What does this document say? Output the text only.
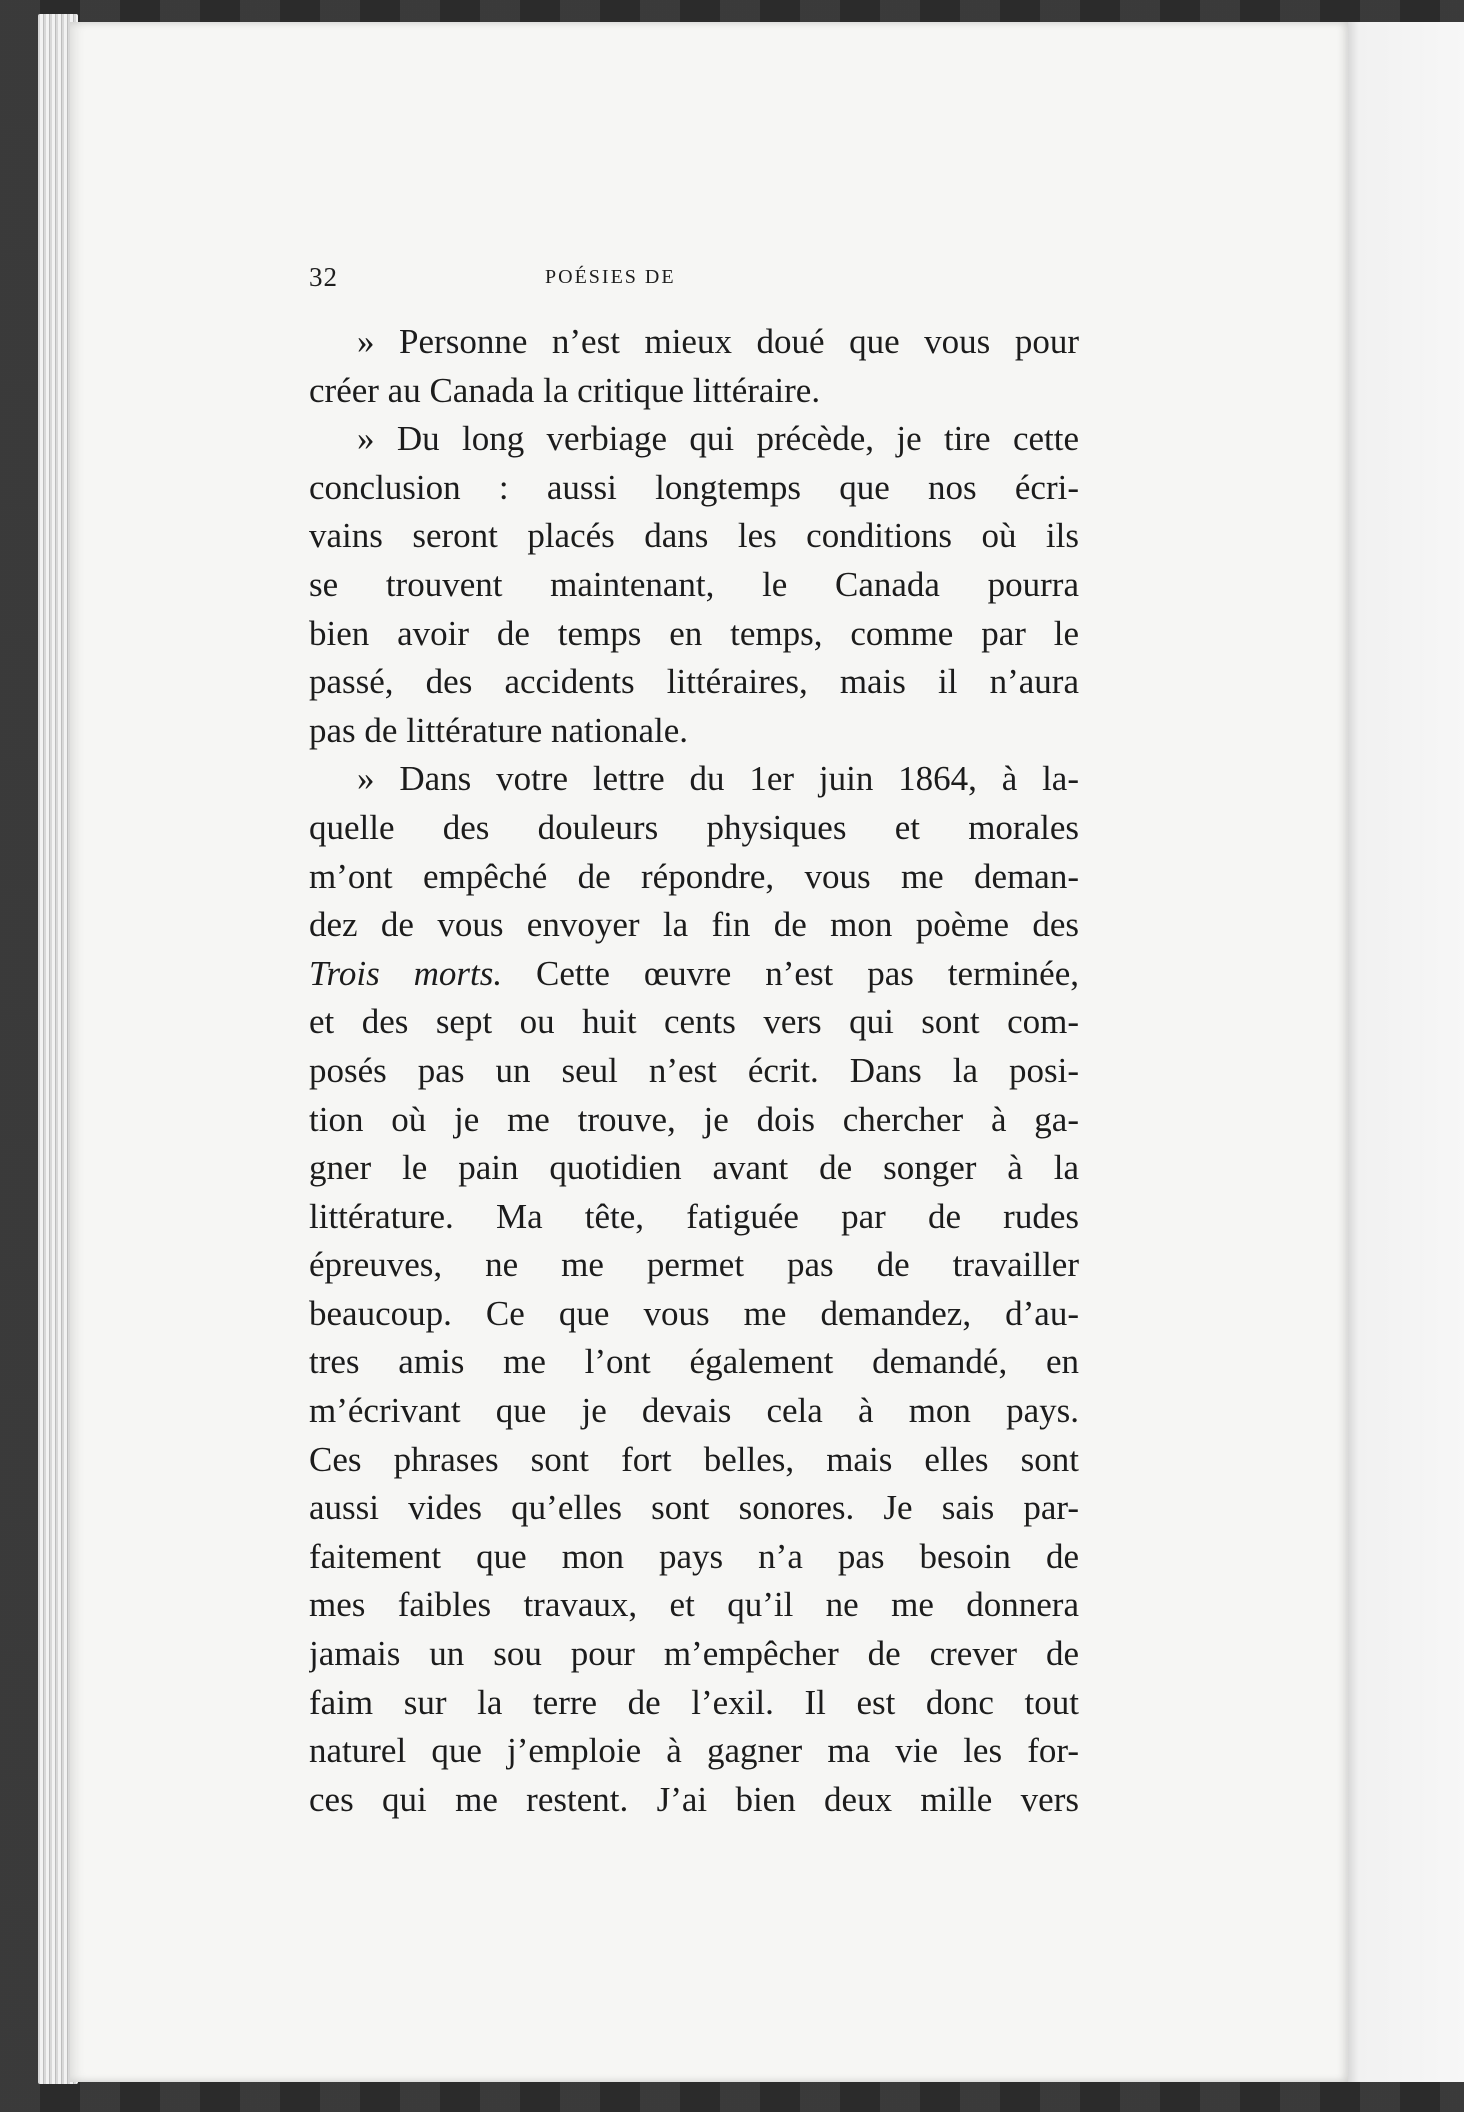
32	POÉSIES DE
» Personne n’est mieux doué que vous pour
créer au Canada la critique littéraire.
» Du long verbiage qui précède, je tire cette
conclusion : aussi longtemps que nos écri-
vains seront placés dans les conditions où ils
se trouvent maintenant, le Canada pourra
bien avoir de temps en temps, comme par le
passé, des accidents littéraires, mais il n’aura
pas de littérature nationale.
» Dans votre lettre du 1er juin 1864, à la-
quelle des douleurs physiques et morales
m’ont empêché de répondre, vous me deman-
dez de vous envoyer la fin de mon poème des
Trois morts. Cette œuvre n’est pas terminée,
et des sept ou huit cents vers qui sont com-
posés pas un seul n’est écrit. Dans la posi-
tion où je me trouve, je dois chercher à ga-
gner le pain quotidien avant de songer à la
littérature. Ma tête, fatiguée par de rudes
épreuves, ne me permet pas de travailler
beaucoup. Ce que vous me demandez, d’au-
tres amis me l’ont également demandé, en
m’écrivant que je devais cela à mon pays.
Ces phrases sont fort belles, mais elles sont
aussi vides qu’elles sont sonores. Je sais par-
faitement que mon pays n’a pas besoin de
mes faibles travaux, et qu’il ne me donnera
jamais un sou pour m’empêcher de crever de
faim sur la terre de l’exil. Il est donc tout
naturel que j’emploie à gagner ma vie les for-
ces qui me restent. J’ai bien deux mille vers
